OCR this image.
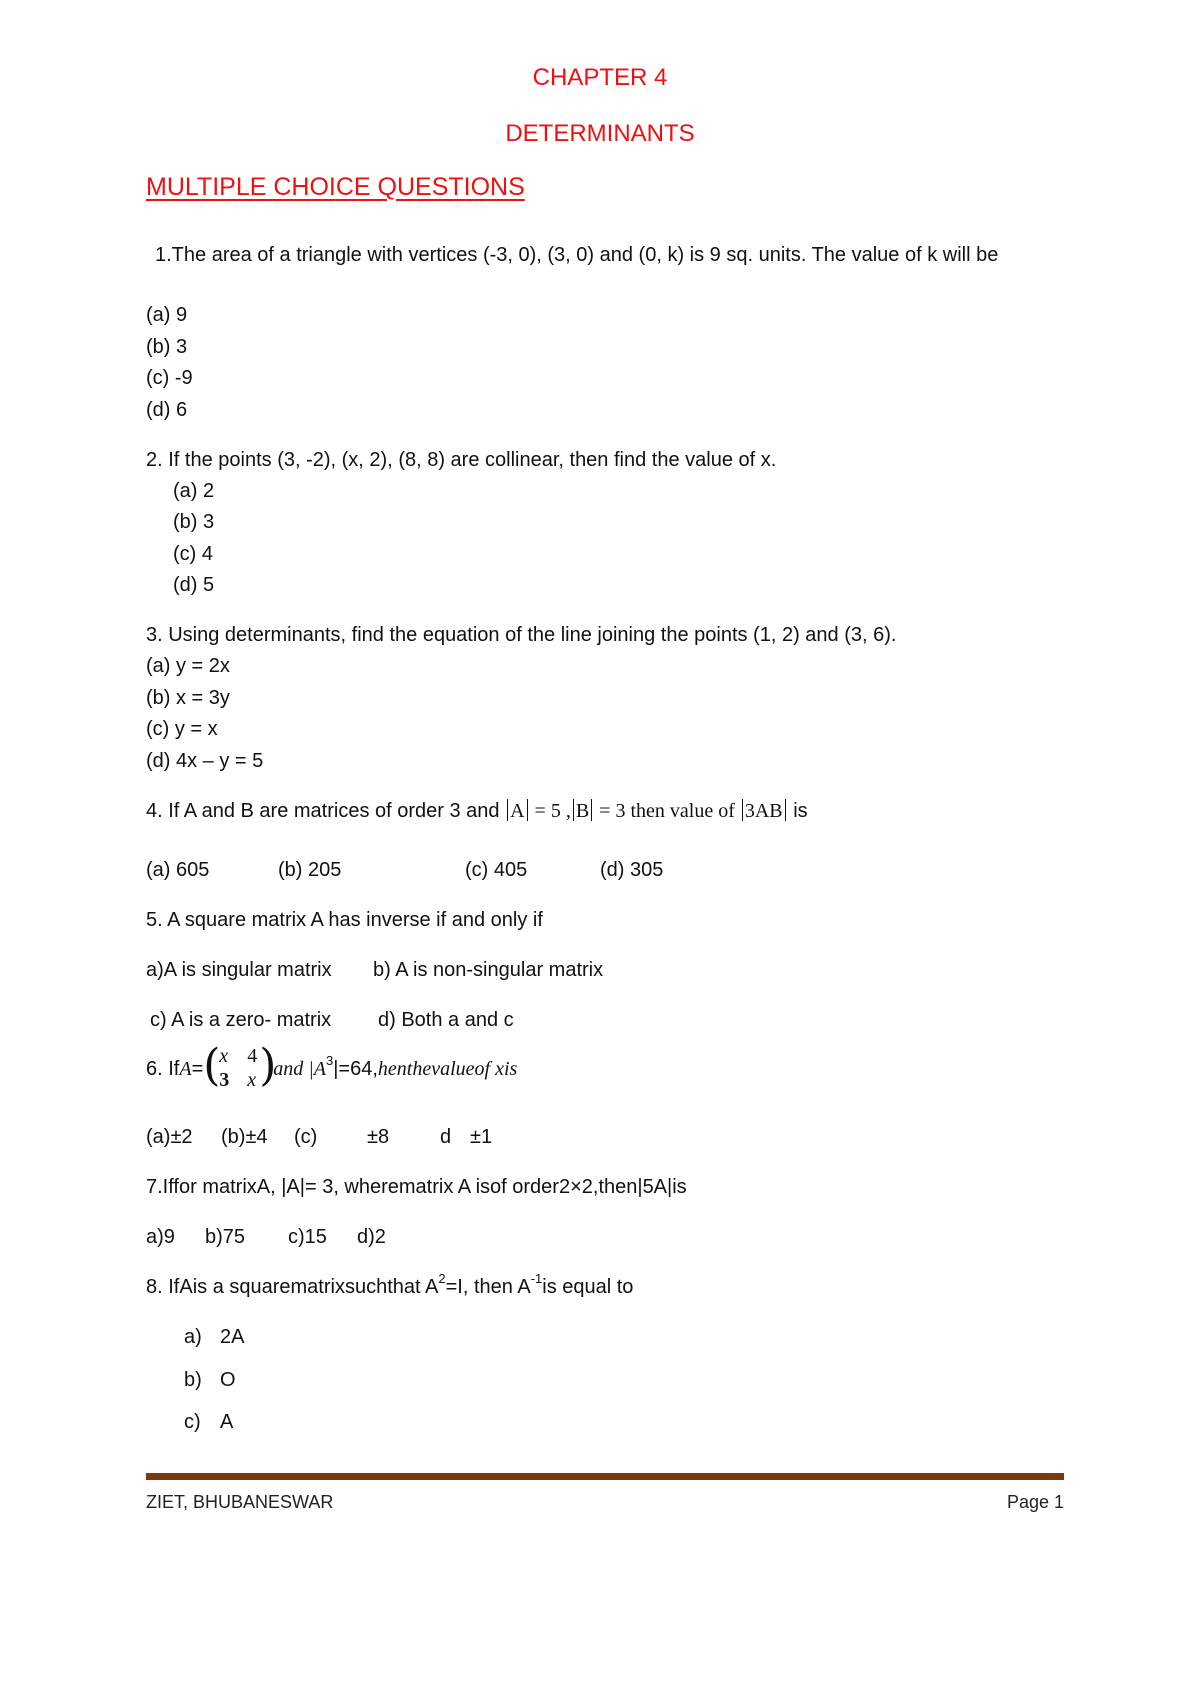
CHAPTER 4
DETERMINANTS
MULTIPLE CHOICE QUESTIONS
1.The area of a triangle with vertices (-3, 0), (3, 0) and (0, k) is 9 sq. units. The value of k will be
(a) 9
(b) 3
(c) -9
(d) 6
2. If the points (3, -2), (x, 2), (8, 8) are collinear, then find the value of x.
(a) 2
(b) 3
(c) 4
(d) 5
3. Using determinants, find the equation of the line joining the points (1, 2) and (3, 6).
(a) y = 2x
(b) x = 3y
(c) y = x
(d) 4x – y = 5
4. If A and B are matrices of order 3 and A = 5 , B = 3 then value of 3AB is
(a) 605	(b) 205	(c) 405	(d) 305
5. A square matrix A has inverse if and only if
a)A is singular matrix b) A is non-singular matrix
c) A is a zero- matrix d) Both a and c
6. IfA= (
x 4
3 x )
and $|A^3|=64,henthevalueof$ xis
(a)±2 (b)±4 (c) ±8	d ±1
7.Iffor matrixA, |A|= 3, wherematrix A isof order2×2,then|5A|is
a)9 b)75 c)15 d)2
8. IfAis a squarematrixsuchthat $A^2=I$, then $A^{-1}is$ equal to
a) 2A
b) O
c) A
ZIET, BHUBANESWAR	Page 1
